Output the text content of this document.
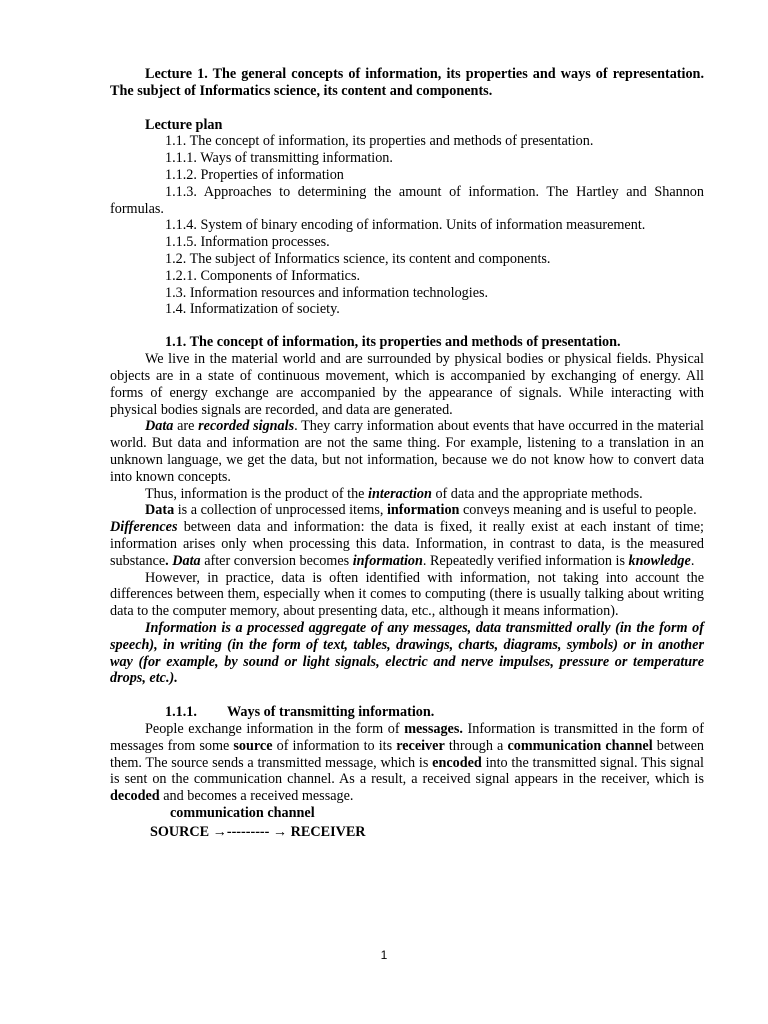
Lecture 1. The general concepts of information, its properties and ways of representation. The subject of Informatics science, its content and components.

Lecture plan

1.1. The concept of information, its properties and methods of presentation.

1.1.1. Ways of transmitting information.

1.1.2. Properties of information

1.1.3. Approaches to determining the amount of information. The Hartley and Shannon formulas.

1.1.4. System of binary encoding of information. Units of information measurement.

1.1.5. Information processes.

1.2. The subject of Informatics science, its content and components.

1.2.1. Components of Informatics.

1.3. Information resources and information technologies.

1.4. Informatization of society.

1.1. The concept of information, its properties and methods of presentation.

We live in the material world and are surrounded by physical bodies or physical fields. Physical objects are in a state of continuous movement, which is accompanied by exchanging of energy. All forms of energy exchange are accompanied by the appearance of signals. While interacting with physical bodies signals are recorded, and data are generated.

Data are recorded signals. They carry information about events that have occurred in the material world. But data and information are not the same thing. For example, listening to a translation in an unknown language, we get the data, but not information, because we do not know how to convert data into known concepts.

Thus, information is the product of the interaction of data and the appropriate methods.

Data is a collection of unprocessed items, information conveys meaning and is useful to people.

Differences between data and information: the data is fixed, it really exist at each instant of time; information arises only when processing this data. Information, in contrast to data, is the measured substance. Data after conversion becomes information. Repeatedly verified information is knowledge.

However, in practice, data is often identified with information, not taking into account the differences between them, especially when it comes to computing (there is usually talking about writing data to the computer memory, about presenting data, etc., although it means information).

Information is a processed aggregate of any messages, data transmitted orally (in the form of speech), in writing (in the form of text, tables, drawings, charts, diagrams, symbols) or in another way (for example, by sound or light signals, electric and nerve impulses, pressure or temperature drops, etc.).

1.1.1. Ways of transmitting information.

People exchange information in the form of messages. Information is transmitted in the form of messages from some source of information to its receiver through a communication channel between them. The source sends a transmitted message, which is encoded into the transmitted signal. This signal is sent on the communication channel. As a result, a received signal appears in the receiver, which is decoded and becomes a received message.

communication channel

SOURCE →--------- → RECEIVER

1
